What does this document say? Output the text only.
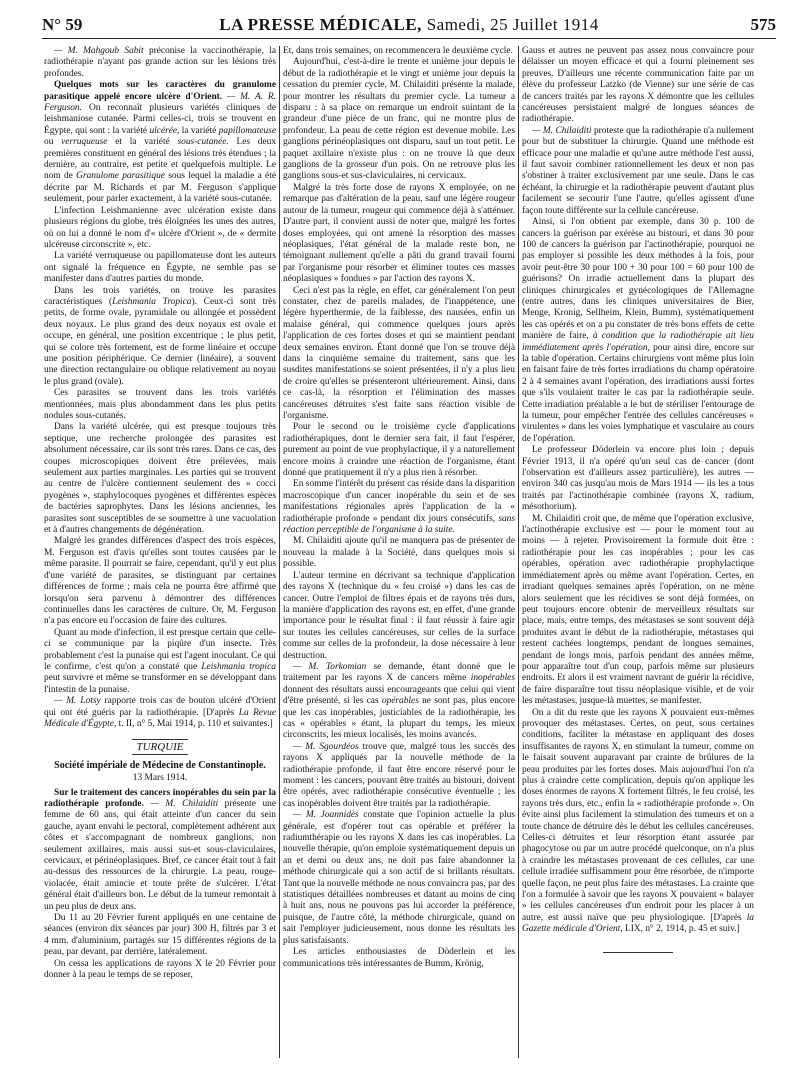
N° 59	LA PRESSE MÉDICALE, Samedi, 25 Juillet 1914	575

— M. Mahgoub Sabit préconise la vaccinothérapie, la radiothérapie n'ayant pas grande action sur les lésions très profondes.

Quelques mots sur les caractères du granulome parasitique appelé encore ulcère d'Orient. — M. A. R. Ferguson. On reconnaît plusieurs variétés cliniques de leishmaniose cutanée. Parmi celles-ci, trois se trouvent en Égypte, qui sont : la variété ulcérée, la variété papillomateuse ou verruqueuse et la variété sous-cutanée. Les deux premières constituent en général des lésions très étendues ; la dernière, au contraire, est petite et quelquefois multiple. Le nom de Granulome parasitique sous lequel la maladie a été décrite par M. Richards et par M. Ferguson s'applique seulement, pour parler exactement, à la variété sous-cutanée.

L'infection Leishmanienne avec ulcération existe dans plusieurs régions du globe, très éloignées les unes des autres, où on lui a donné le nom d'« ulcère d'Orient », de « dermite ulcéreuse circonscrite », etc.

La variété verruqueuse ou papillomateuse dont les auteurs ont signalé la fréquence en Égypte, ne semble pas se manifester dans d'autres parties du monde.

Dans les trois variétés, on trouve les parasites caractéristiques (Leishmania Tropica). Ceux-ci sont très petits, de forme ovale, pyramidale ou allongée et possèdent deux noyaux. Le plus grand des deux noyaux est ovale et occupe, en général, une position excentrique ; le plus petit, qui se colore très fortement, est de forme linéaire et occupe une position périphérique. Ce dernier (linéaire), a souvent une direction rectangulaire ou oblique relativement au noyau le plus grand (ovale).

Ces parasites se trouvent dans les trois variétés mentionnées, mais plus abondamment dans les plus petits nodules sous-cutanés.

Dans la variété ulcérée, qui est presque toujours très septique, une recherche prolongée des parasites est absolument nécessaire, car ils sont très rares. Dans ce cas, des coupes microscopiques doivent être prélevées, mais seulement aux parties marginales. Les parties qui se trouvent au centre de l'ulcère contiennent seulement des « cocci pyogènes », staphylocoques pyogènes et différentes espèces de bactéries saprophytes. Dans les lésions anciennes, les parasites sont susceptibles de se soumettre à une vacuolation et à d'autres changements de dégénération.

Malgré les grandes différences d'aspect des trois espèces, M. Ferguson est d'avis qu'elles sont toutes causées par le même parasite. Il pourrait se faire, cependant, qu'il y eut plus d'une variété de parasites, se distinguant par certaines différences de forme ; mais cela ne pourra être affirmé que lorsqu'on sera parvenu à démontrer des différences continuelles dans les caractères de culture. Or, M. Ferguson n'a pas encore eu l'occasion de faire des cultures.

Quant au mode d'infection, il est presque certain que celle-ci se communique par la piqûre d'un insecte. Très probablement c'est la punaise qui est l'agent inoculant. Ce qui le confirme, c'est qu'on a constaté que Leishmania tropica peut survivre et même se transformer en se développant dans l'intestin de la punaise.

— M. Lotsy rapporte trois cas de bouton ulcéré d'Orient qui ont été guéris par la radiothérapie. [D'après La Revue Médicale d'Égypte, t. II, n° 5, Mai 1914, p. 110 et suivantes.]

TURQUIE
Société impériale de Médecine de Constantinople.
13 Mars 1914.

Sur le traitement des cancers inopérables du sein par la radiothérapie profonde. — M. Chilaiditi présente une femme de 60 ans, qui était atteinte d'un cancer du sein gauche, ayant envahi le pectoral, complètement adhérent aux côtes et s'accompagnant de nombreux ganglions, non seulement axillaires, mais aussi sus-et sous-claviculaires, cervicaux, et périnéoplasiques. Bref, ce cancer était tout à fait au-dessus des ressources de la chirurgie. La peau, rouge-violacée, était amincie et toute prête de s'ulcérer. L'état général était d'ailleurs bon. Le début de la tumeur remontait à un peu plus de deux ans.

Du 11 au 20 Février furent appliqués en une centaine de séances (environ dix séances par jour) 300 H, filtrés par 3 et 4 mm. d'aluminium, partagés sur 15 différentes régions de la peau, par devant, par derrière, latéralement.

On cessa les applications de rayons X le 20 Février pour donner à la peau le temps de se reposer,

Et, dans trois semaines, on recommencera le deuxième cycle.

Aujourd'hui, c'est-à-dire le trente et unième jour depuis le début de la radiothérapie et le vingt et unième jour depuis la cessation du premier cycle, M. Chilaiditi présente la malade, pour montrer les résultats du premier cycle. La tumeur a disparu : à sa place on remarque un endroit suintant de la grandeur d'une pièce de un franc, qui ne montre plus de profondeur. La peau de cette région est devenue mobile. Les ganglions périnéoplasiques ont disparu, sauf un tout petit. Le paquet axillaire n'existe plus : on ne trouve là que deux ganglions de la grosseur d'un pois. On ne retrouve plus les ganglions sous-et sus-claviculaires, ni cervicaux.

Malgré la très forte dose de rayons X employée, on ne remarque pas d'altération de la peau, sauf une légère rougeur autour de la tumeur, rougeur qui commence déjà à s'atténuer. D'autre part, il convient aussi de noter que, malgré les fortes doses employées, qui ont amené la résorption des masses néoplasiques, l'état général de la malade reste bon, ne témoignant nullement qu'elle a pâti du grand travail fourni par l'organisme pour résorber et éliminer toutes ces masses néoplasiques » fondues » par l'action des rayons X.

Ceci n'est pas la règle, en effet, car généralement l'on peut constater, chez de pareils malades, de l'inappétence, une légère hyperthermie, de la faiblesse, des nausées, enfin un malaise général, qui commence quelques jours après l'application de ces fortes doses et qui se maintient pendant deux semaines environ. Étant donné que l'on se trouve déjà dans la cinquième semaine du traitement, sans que les susdites manifestations se soient présentées, il n'y a plus lieu de croire qu'elles se présenteront ultérieurement. Ainsi, dans ce cas-là, la résorption et l'élimination des masses cancéreuses détruites s'est faite sans réaction visible de l'organisme.

Pour le second ou le troisième cycle d'applications radiothérapiques, dont le dernier sera fait, il faut l'espérer, purement au point de vue prophylactique, il y a naturellement encore moins à craindre une réaction de l'organisme, étant donné que pratiquement il n'y a plus rien à résorber.

En somme l'intérêt du présent cas réside dans la disparition macroscopique d'un cancer inopérable du sein et de ses manifestations régionales après l'application de la « radiothérapie profonde » pendant dix jours consécutifs, sans réaction perceptible de l'organisme à la suite.

M. Chilaiditi ajoute qu'il ne manquera pas de présenter de nouveau la malade à la Société, dans quelques mois si possible.

L'auteur termine en décrivant sa technique d'application des rayons X (technique du « feu croisé ») dans les cas de cancer. Outre l'emploi de filtres épais et de rayons très durs, la manière d'application des rayons est, en effet, d'une grande importance pour le résultat final : il faut réussir à faire agir sur toutes les cellules cancéreuses, sur celles de la surface comme sur celles de la profondeur, la dose nécessaire à leur destruction.

— M. Torkomian se demande, étant donné que le traitement par les rayons X de cancers même inopérables donnent des résultats aussi encourageants que celui qui vient d'être présenté, si les cas opérables ne sont pas, plus encore que les cas inopérables, justiciables de la radiothérapie, les cas « opérables » étant, la plupart du temps, les mieux circonscrits, les mieux localisés, les moins avancés.

— M. Sgourdéos trouve que, malgré tous les succès des rayons X appliqués par la nouvelle méthode de la radiothérapie profonde, il faut être encore réservé pour le moment : les cancers, pouvant être traités au bistouri, doivent être opérés, avec radiothérapie consécutive éventuelle ; les cas inopérables doivent être traités par la radiothérapie.

— M. Joannidès constate que l'opinion actuelle la plus générale, est d'opérer tout cas opérable et préférer la radiumthérapie ou les rayons X dans les cas inopérables. La nouvelle thérapie, qu'on emploie systématiquement depuis un an et demi ou deux ans, ne doit pas faire abandonner la méthode chirurgicale qui a son actif de si brillants résultats. Tant que la nouvelle méthode ne nous convaincra pas, par des statistiques détaillées nombreuses et datant au moins de cinq à huit ans, nous ne pouvons pas lui accorder la préférence, puisque, de l'autre côté, la méthode chirurgicale, quand on sait l'employer judicieusement, nous donne les résultats les plus satisfaisants.

Les articles enthousiastes de Döderlein et les communications très intéressantes de Bumm, Krönig,

Gauss et autres ne peuvent pas assez nous convaincre pour délaisser un moyen efficace et qui a fourni pleinement ses preuves. D'ailleurs une récente communication faite par un élève du professeur Latzko (de Vienne) sur une série de cas de cancers traités par les rayons X démontre que les cellules cancéreuses persistaient malgré de longues séances de radiothérapie.

— M. Chilaiditi proteste que la radiothérapie n'a nullement pour but de substituer la chirurgie. Quand une méthode est efficace pour une maladie et qu'une autre méthode l'est aussi, il faut savoir combiner rationnellement les deux et non pas s'obstiner à traiter exclusivement par une seule. Dans le cas échéant, la chirurgie et la radiothérapie peuvent d'autant plus facilement se secourir l'une l'autre, qu'elles agissent d'une façon toute différente sur la cellule cancéreuse.

Ainsi, si l'on obtient par exemple, dans 30 p. 100 de cancers la guérison par exérèse au bistouri, et dans 30 pour 100 de cancers la guérison par l'actinothérapie, pourquoi ne pas employer si possible les deux méthodes à la fois, pour avoir peut-être 30 pour 100 + 30 pour 100 = 60 pour 100 de guérisons? On irradie actuellement dans la plupart des cliniques chirurgicales et gynécologiques de l'Allemagne (entre autres, dans les cliniques universitaires de Bier, Menge, Kronig, Sellheim, Klein, Bumm), systématiquement les cas opérés et on a pu constater de très bons effets de cette manière de faire, à condition que la radiothérapie ait lieu immédiatement après l'opération, pour ainsi dire, encore sur la table d'opération. Certains chirurgiens vont même plus loin en faisant faire de très fortes irradiations du champ opératoire 2 à 4 semaines avant l'opération, des irradiations aussi fortes que s'ils voulaient traiter le cas par la radiothérapie seule. Cette irradiation préalable a le but de stériliser l'entourage de la tumeur, pour empêcher l'entrée des cellules cancéreuses « virulentes » dans les voies lymphatique et vasculaire au cours de l'opération.

Le professeur Döderlein va encore plus loin ; depuis Février 1913, il n'a opéré qu'un seul cas de cancer (dont l'observation est d'ailleurs assez particulière), les autres — environ 340 cas jusqu'au mois de Mars 1914 — ils les a tous traités par l'actinothérapie combinée (rayons X, radium, mésothorium).

M. Chilaiditi croit que, de même que l'opération exclusive, l'actinothérapie exclusive est — pour le moment tout au moins — à rejeter. Provisoirement la formule doit être : radiothérapie pour les cas inopérables ; pour les cas opérables, opération avec radiothérapie prophylactique immédiatement après ou même avant l'opération. Certes, en irradiant quelques semaines après l'opération, on ne mène alors seulement que les récidives se sont déjà formées, on peut toujours encore obtenir de merveilleux résultats sur place, mais, entre temps, des métastases se sont souvent déjà produites avant le début de la radiothérapie, métastases qui restent cachées longtemps, pendant de longues semaines, pendant de longs mois, parfois pendant des années même, pour apparaître tout d'un coup, parfois même sur plusieurs endroits. Et alors il est vraiment navrant de guérir la récidive, de faire disparaître tout tissu néoplasique visible, et de voir les métastases, jusque-là muettes, se manifester.

On a dit du reste que les rayons X pouvaient eux-mêmes provoquer des métastases. Certes, on peut, sous certaines conditions, faciliter la métastase en appliquant des doses insuffisantes de rayons X, en stimulant la tumeur, comme on le faisait souvent auparavant par crainte de brûlures de la peau produites par les fortes doses. Mais aujourd'hui l'on n'a plus à craindre cette complication, depuis qu'on applique les doses énormes de rayons X fortement filtrés, le feu croisé, les rayons très durs, etc., enfin la « radiothérapie profonde ». On évite ainsi plus facilement la stimulation des tumeurs et on a toute chance de détruire dès le début les cellules cancéreuses. Celles-ci détruites et leur résorption étant assurée par phagocytose ou par un autre procédé quelconque, on n'a plus à craindre les métastases provenant de ces cellules, car une cellule irradiée suffisamment pour être résorbée, de n'importe quelle façon, ne peut plus faire des métastases. La crainte que l'on a formulée à savoir que les rayons X pouvaient « balayer » les cellules cancéreuses d'un endroit pour les placer à un autre, est aussi naïve que peu physiologique. [D'après la Gazette médicale d'Orient, LIX, n° 2, 1914, p. 45 et suiv.]
